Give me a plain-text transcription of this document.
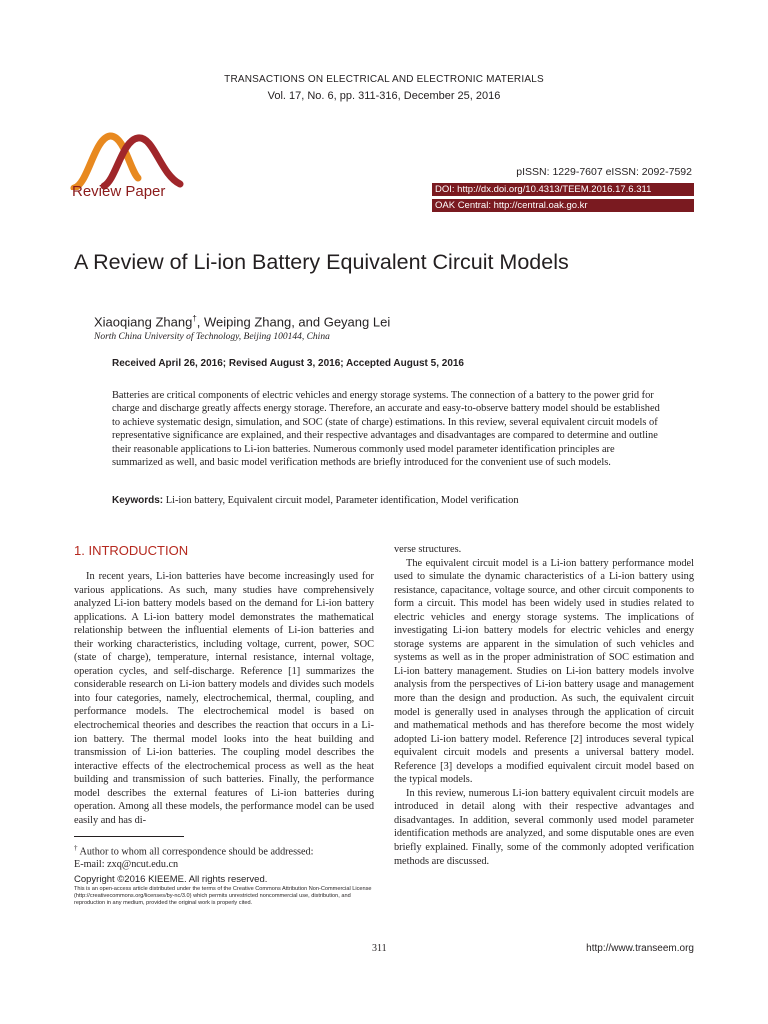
TRANSACTIONS ON ELECTRICAL AND ELECTRONIC MATERIALS
Vol. 17, No. 6, pp. 311-316, December 25, 2016
Review Paper
pISSN: 1229-7607 eISSN: 2092-7592
DOI: http://dx.doi.org/10.4313/TEEM.2016.17.6.311
OAK Central: http://central.oak.go.kr
A Review of Li-ion Battery Equivalent Circuit Models
Xiaoqiang Zhang†, Weiping Zhang, and Geyang Lei
North China University of Technology, Beijing 100144, China
Received April 26, 2016; Revised August 3, 2016; Accepted August 5, 2016
Batteries are critical components of electric vehicles and energy storage systems. The connection of a battery to the power grid for charge and discharge greatly affects energy storage. Therefore, an accurate and easy-to-observe battery model should be established to achieve systematic design, simulation, and SOC (state of charge) estimations. In this review, several equivalent circuit models of representative significance are explained, and their respective advantages and disadvantages are compared to determine and outline their reasonable applications to Li-ion batteries. Numerous commonly used model parameter identification principles are summarized as well, and basic model verification methods are briefly introduced for the convenient use of such models.
Keywords: Li-ion battery, Equivalent circuit model, Parameter identification, Model verification
1. INTRODUCTION

In recent years, Li-ion batteries have become increasingly used for various applications. As such, many studies have comprehensively analyzed Li-ion battery models based on the demand for Li-ion battery applications. A Li-ion battery model demonstrates the mathematical relationship between the influential elements of Li-ion batteries and their working characteristics, including voltage, current, power, SOC (state of charge), temperature, internal resistance, internal voltage, operation cycles, and self-discharge. Reference [1] summarizes the considerable research on Li-ion battery models and divides such models into four categories, namely, electrochemical, thermal, coupling, and performance models. The electrochemical model is based on electrochemical theories and describes the reaction that occurs in a Li-ion battery. The thermal model looks into the heat building and transmission of Li-ion batteries. The coupling model describes the interactive effects of the electrochemical process as well as the heat building and transmission of such batteries. Finally, the performance model describes the external features of Li-ion batteries during operation. Among all these models, the performance model can be used easily and has di-

verse structures.

The equivalent circuit model is a Li-ion battery performance model used to simulate the dynamic characteristics of a Li-ion battery using resistance, capacitance, voltage source, and other circuit components to form a circuit. This model has been widely used in studies related to electric vehicles and energy storage systems. The implications of investigating Li-ion battery models for electric vehicles and energy storage systems are apparent in the simulation of such vehicles and systems as well as in the proper administration of SOC estimation and Li-ion battery management. Studies on Li-ion battery models involve analysis from the perspectives of Li-ion battery usage and management more than the design and production. As such, the equivalent circuit model is generally used in analyses through the application of circuit and mathematical methods and has therefore become the most widely adopted Li-ion battery model. Reference [2] introduces several typical equivalent circuit models and presents a universal battery model. Reference [3] develops a modified equivalent circuit model based on the typical models.

In this review, numerous Li-ion battery equivalent circuit models are introduced in detail along with their respective advantages and disadvantages. In addition, several commonly used model parameter identification methods are analyzed, and some disputable ones are even briefly explained. Finally, some of the commonly adopted verification methods are discussed.

† Author to whom all correspondence should be addressed:
E-mail: zxq@ncut.edu.cn
Copyright ©2016 KIEEME. All rights reserved.
This is an open-access article distributed under the terms of the Creative Commons Attribution Non-Commercial License (http://creativecommons.org/licenses/by-nc/3.0) which permits unrestricted noncommercial use, distribution, and reproduction in any medium, provided the original work is properly cited.
311	http://www.transeem.org
